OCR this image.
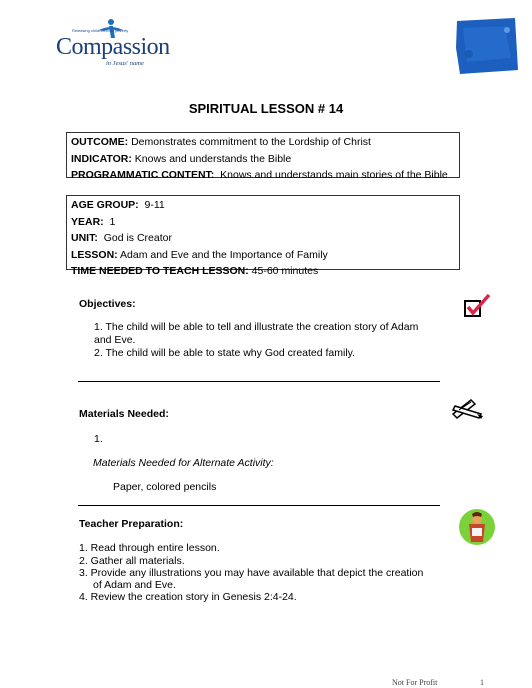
Releasing children from poverty
Compassion
in Jesus' name
SPIRITUAL LESSON # 14
OUTCOME: Demonstrates commitment to the Lordship of Christ
INDICATOR: Knows and understands the Bible
PROGRAMMATIC CONTENT: Knows and understands main stories of the Bible
AGE GROUP: 9-11
YEAR: 1
UNIT: God is Creator
LESSON: Adam and Eve and the Importance of Family
TIME NEEDED TO TEACH LESSON: 45-60 minutes
Objectives:
1. The child will be able to tell and illustrate the creation story of Adam
and Eve.
2. The child will be able to state why God created family.
Materials Needed:
1.
Materials Needed for Alternate Activity:
Paper, colored pencils
Teacher Preparation:
1. Read through entire lesson.
2. Gather all materials.
3. Provide any illustrations you may have available that depict the creation
of Adam and Eve.
4. Review the creation story in Genesis 2:4-24.
Not For Profit	1
